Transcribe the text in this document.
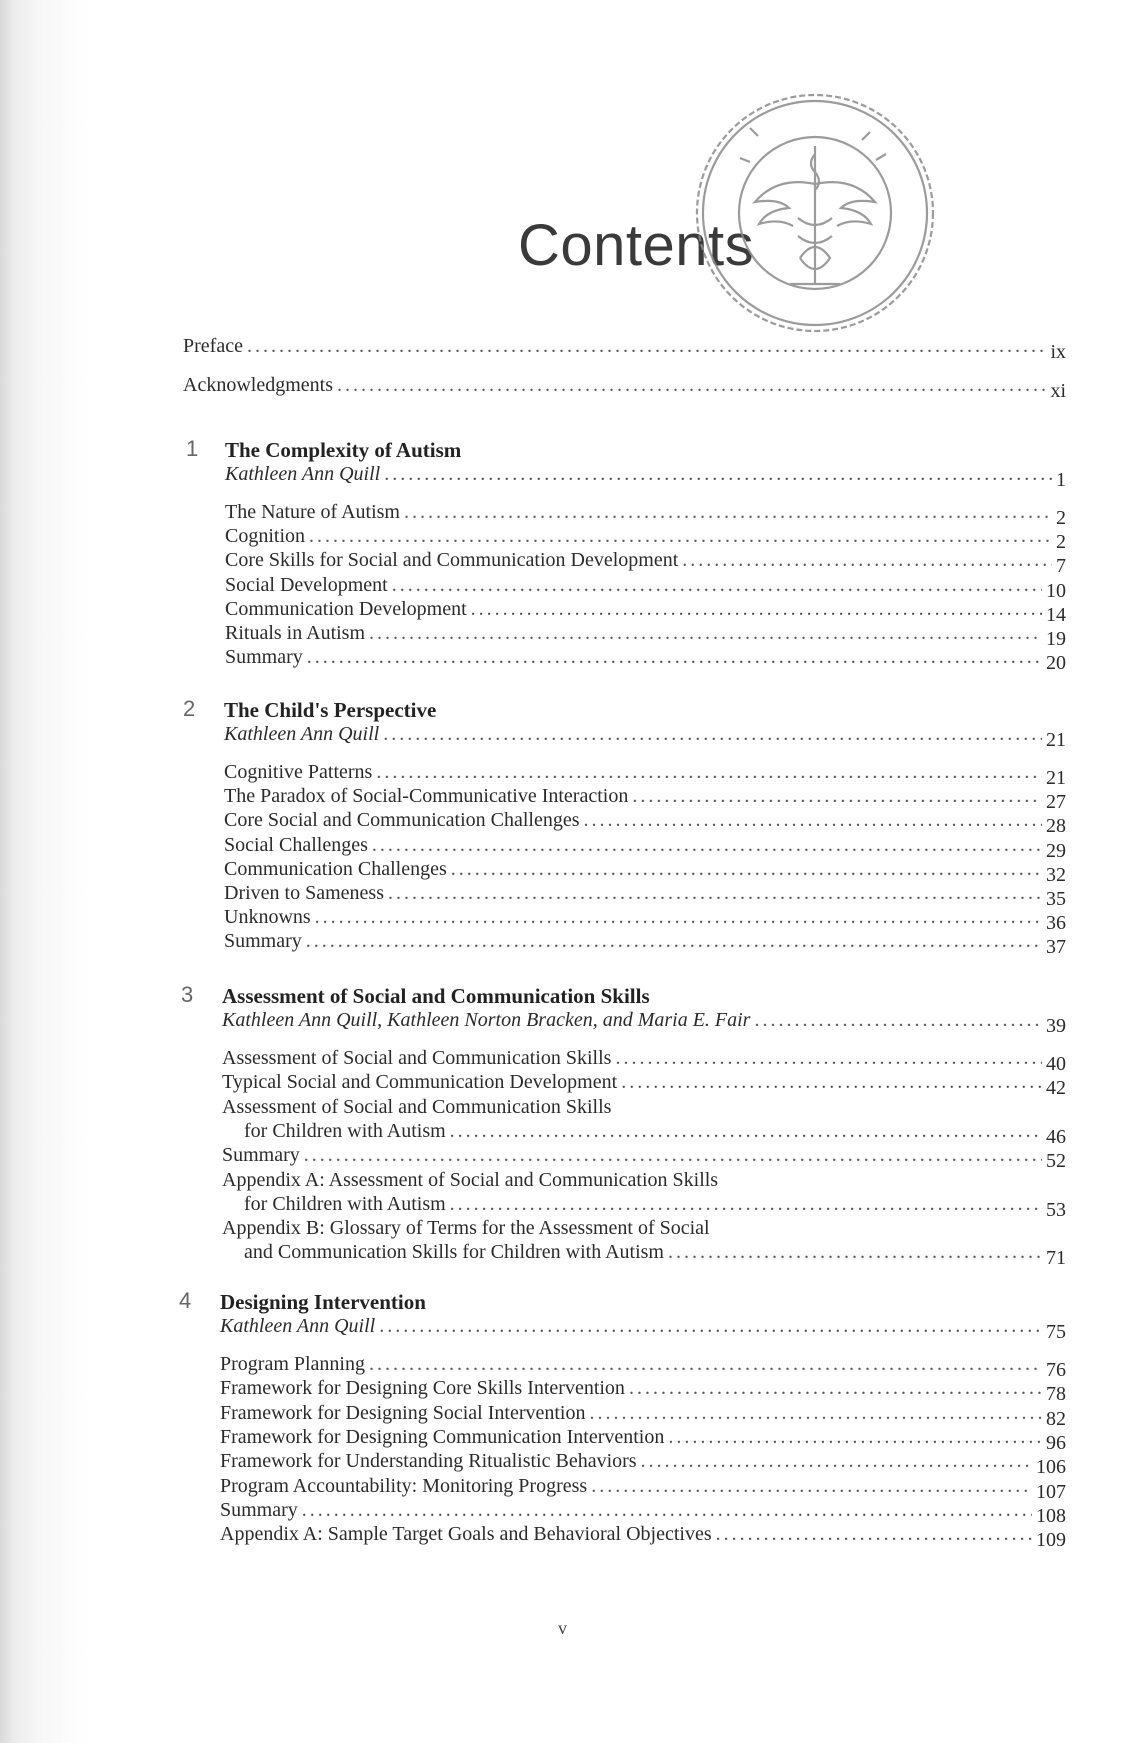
Contents
Preface . . .	ix
Acknowledgments . . .	xi
1 The Complexity of Autism
Kathleen Ann Quill . . .	1
The Nature of Autism . . .	2
Cognition . . .	2
Core Skills for Social and Communication Development . . .	7
Social Development . . .	10
Communication Development . . .	14
Rituals in Autism . . .	19
Summary . . .	20
2 The Child's Perspective
Kathleen Ann Quill . . .	21
Cognitive Patterns . . .	21
The Paradox of Social-Communicative Interaction . . .	27
Core Social and Communication Challenges . . .	28
Social Challenges . . .	29
Communication Challenges . . .	32
Driven to Sameness . . .	35
Unknowns . . .	36
Summary . . .	37
3 Assessment of Social and Communication Skills
Kathleen Ann Quill, Kathleen Norton Bracken, and Maria E. Fair . . .	39
Assessment of Social and Communication Skills . . .	40
Typical Social and Communication Development . . .	42
Assessment of Social and Communication Skills
for Children with Autism . . .	46
Summary . . .	52
Appendix A: Assessment of Social and Communication Skills
for Children with Autism . . .	53
Appendix B: Glossary of Terms for the Assessment of Social
and Communication Skills for Children with Autism . . .	71
4 Designing Intervention
Kathleen Ann Quill . . .	75
Program Planning . . .	76
Framework for Designing Core Skills Intervention . . .	78
Framework for Designing Social Intervention . . .	82
Framework for Designing Communication Intervention . . .	96
Framework for Understanding Ritualistic Behaviors . . .	106
Program Accountability: Monitoring Progress . . .	107
Summary . . .	108
Appendix A: Sample Target Goals and Behavioral Objectives . . .	109
v
